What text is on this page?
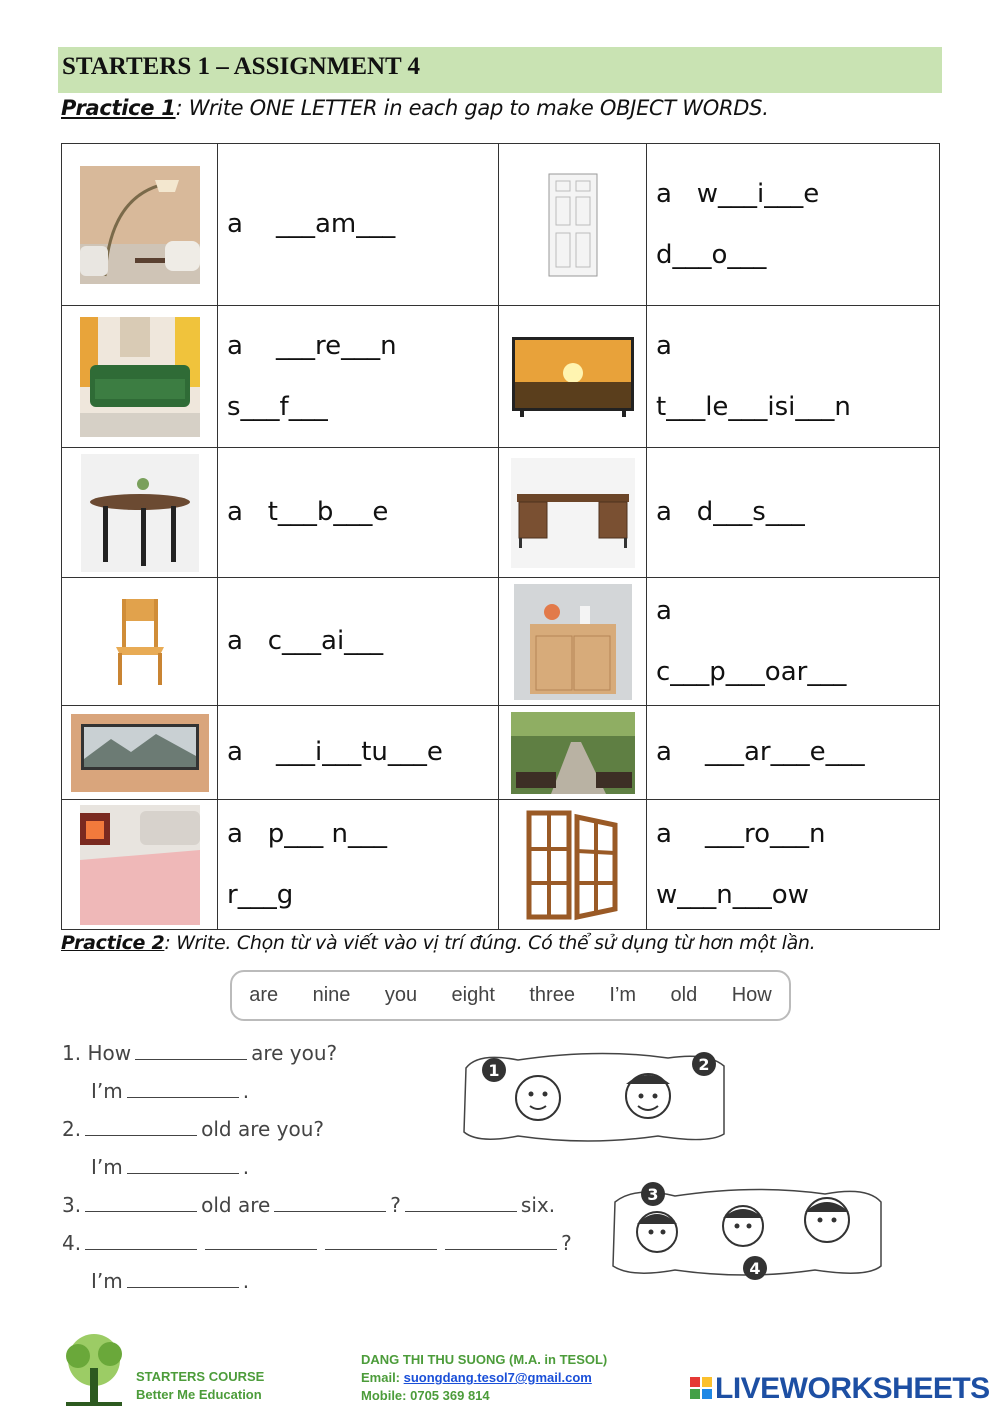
STARTERS 1 – ASSIGNMENT 4
Practice 1: Write ONE LETTER in each gap to make OBJECT WORDS.

a    ___am___		a   w___i___e
d___o___

a    ___re___n
s___f___		a
t___le___isi___n

a   t___b___e		a   d___s___

a   c___ai___		a
c___p___oar___

a    ___i___tu___e		a    ___ar___e___

a   p___ n___
r___g		a    ___ro___n
w___n___ow
Practice 2: Write. Chọn từ và viết vào vị trí đúng. Có thể sử dụng từ hơn một lần.
are nine you eight three I’m old How
1. How	are you?
I’m	.
2.	old are you?
I’m	.
3.	old are	?	six.
4.	?
I’m	.
1	2
3
4
STARTERS COURSE
Better Me Education
DANG THI THU SUONG (M.A. in TESOL)
Email: suongdang.tesol7@gmail.com
Mobile: 0705 369 814	LIVEWORKSHEETS
